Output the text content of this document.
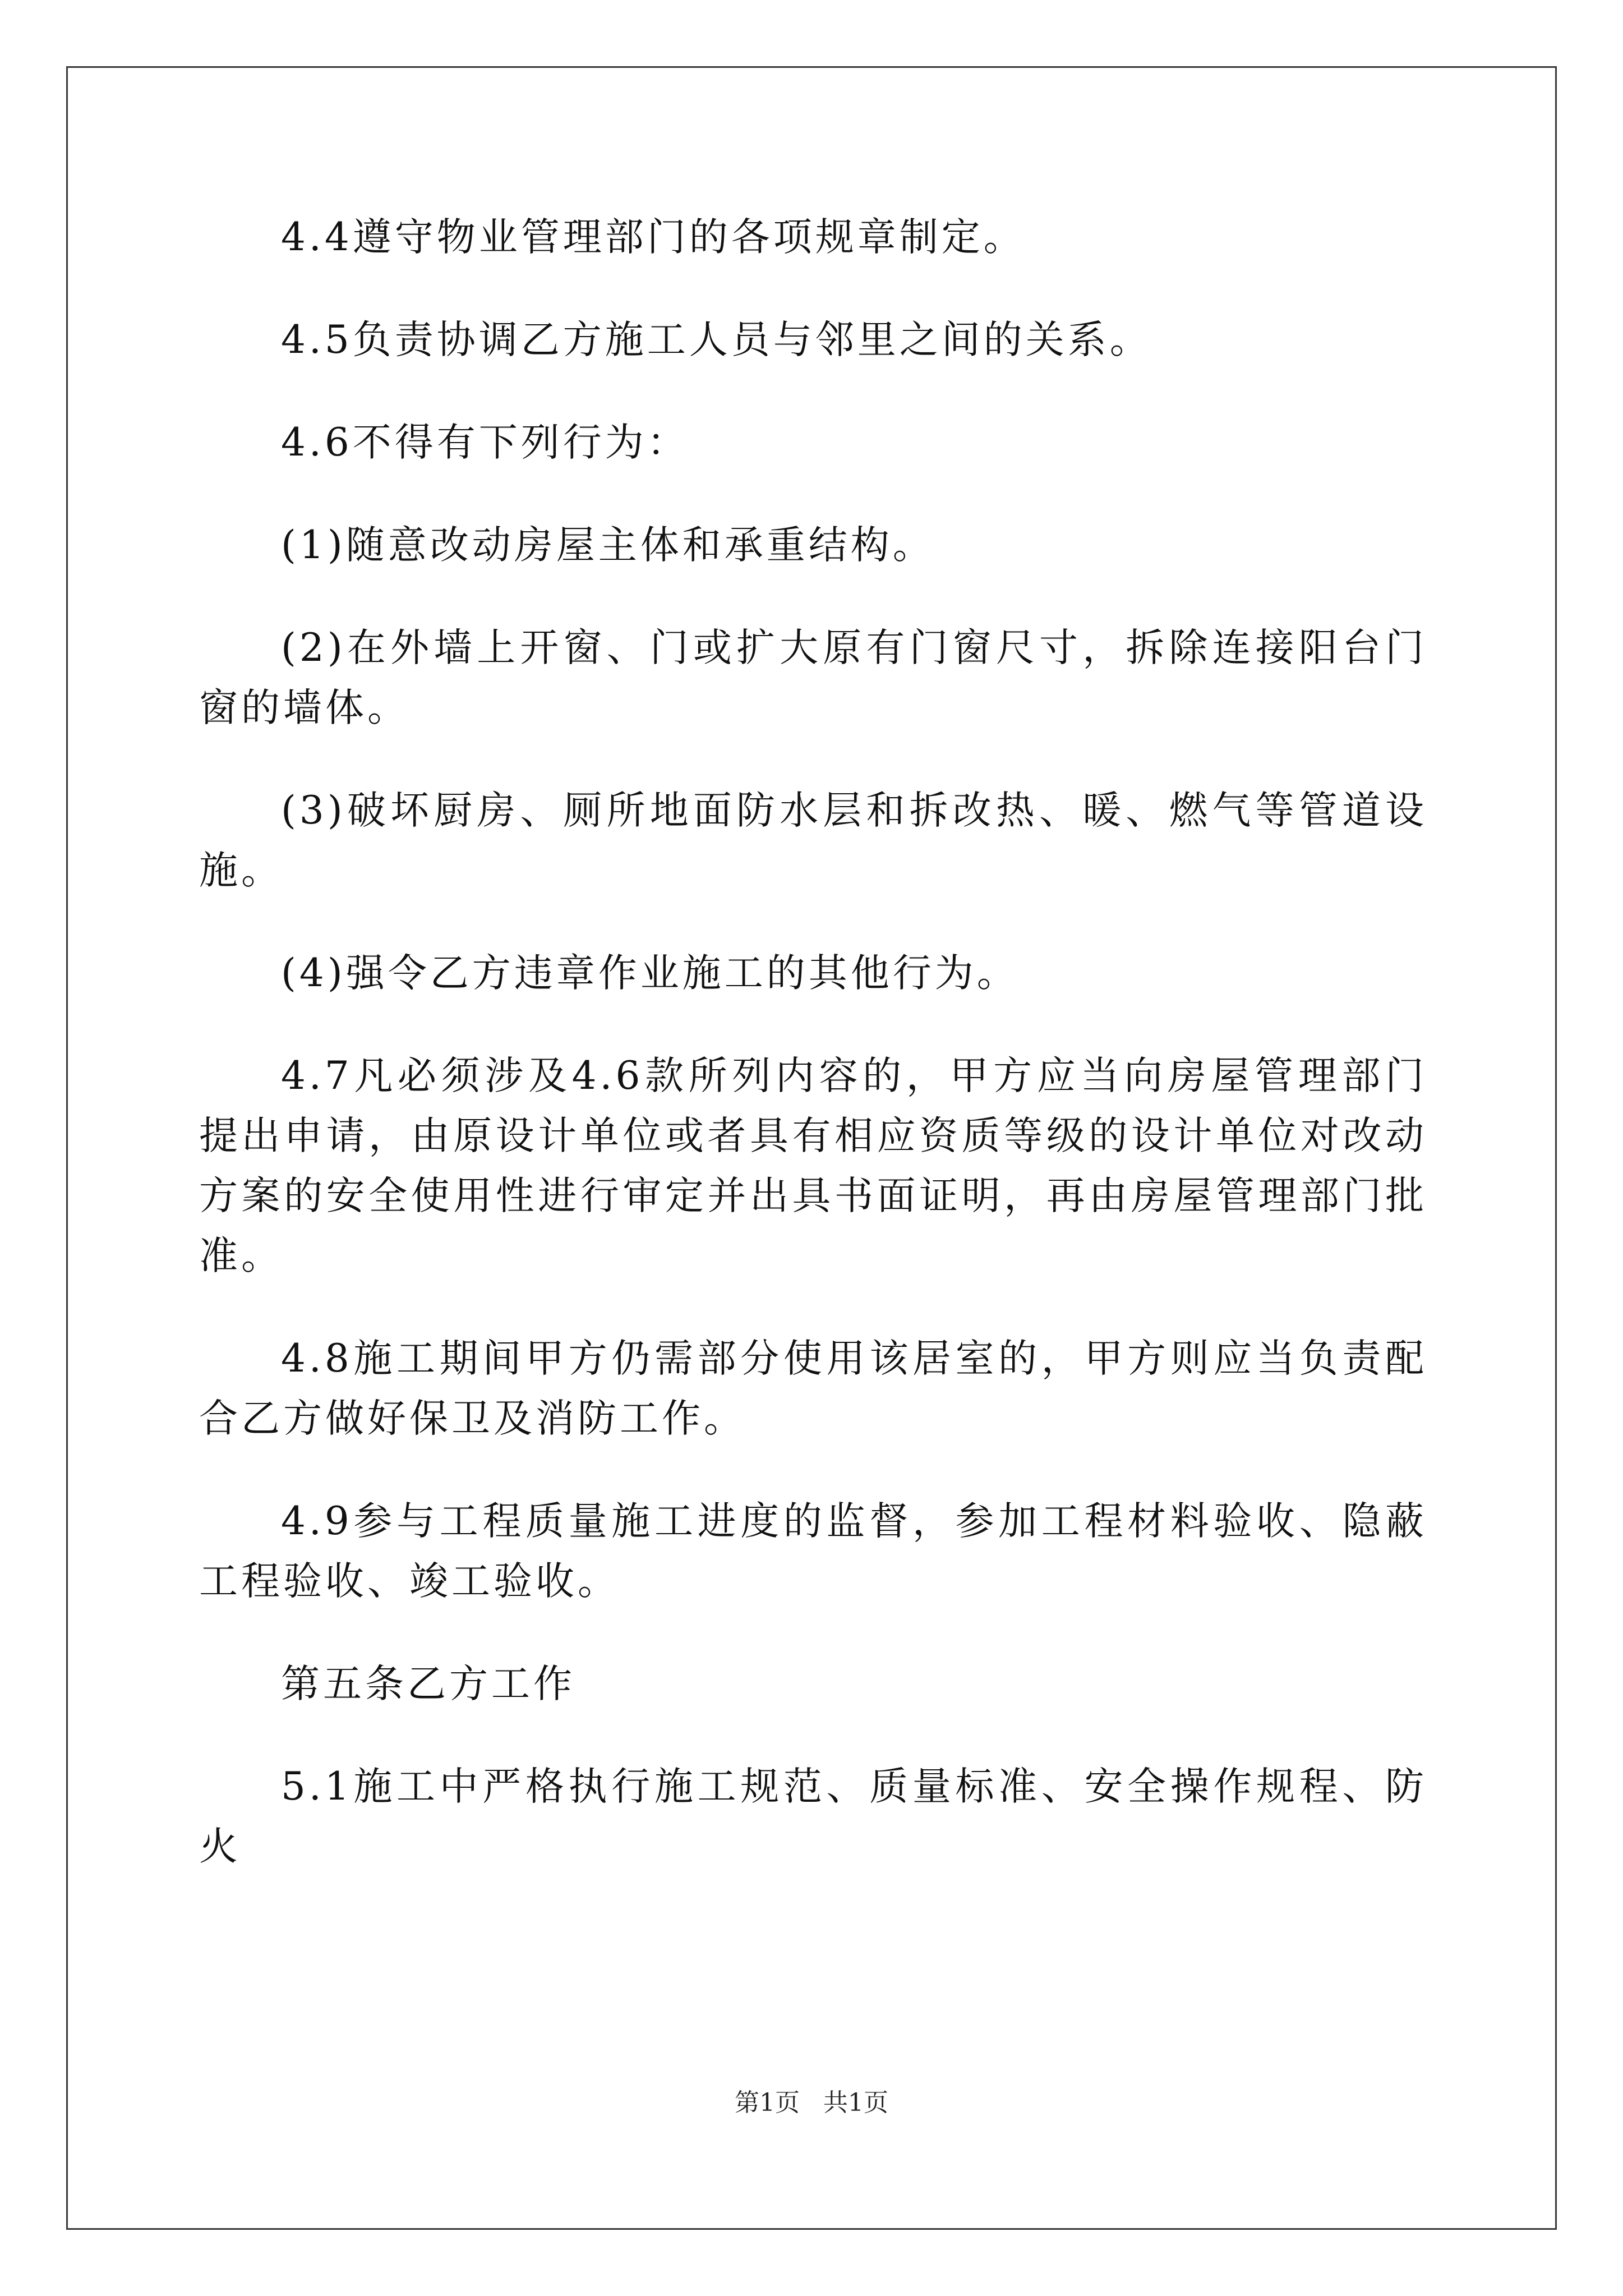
4.4遵守物业管理部门的各项规章制定。

4.5负责协调乙方施工人员与邻里之间的关系。

4.6不得有下列行为：

(1)随意改动房屋主体和承重结构。

(2)在外墙上开窗、门或扩大原有门窗尺寸，拆除连接阳台门窗的墙体。

(3)破坏厨房、厕所地面防水层和拆改热、暖、燃气等管道设施。

(4)强令乙方违章作业施工的其他行为。

4.7凡必须涉及4.6款所列内容的，甲方应当向房屋管理部门提出申请，由原设计单位或者具有相应资质等级的设计单位对改动方案的安全使用性进行审定并出具书面证明，再由房屋管理部门批准。

4.8施工期间甲方仍需部分使用该居室的，甲方则应当负责配合乙方做好保卫及消防工作。

4.9参与工程质量施工进度的监督，参加工程材料验收、隐蔽工程验收、竣工验收。

第五条乙方工作

5.1施工中严格执行施工规范、质量标准、安全操作规程、防火

第1页   共1页
